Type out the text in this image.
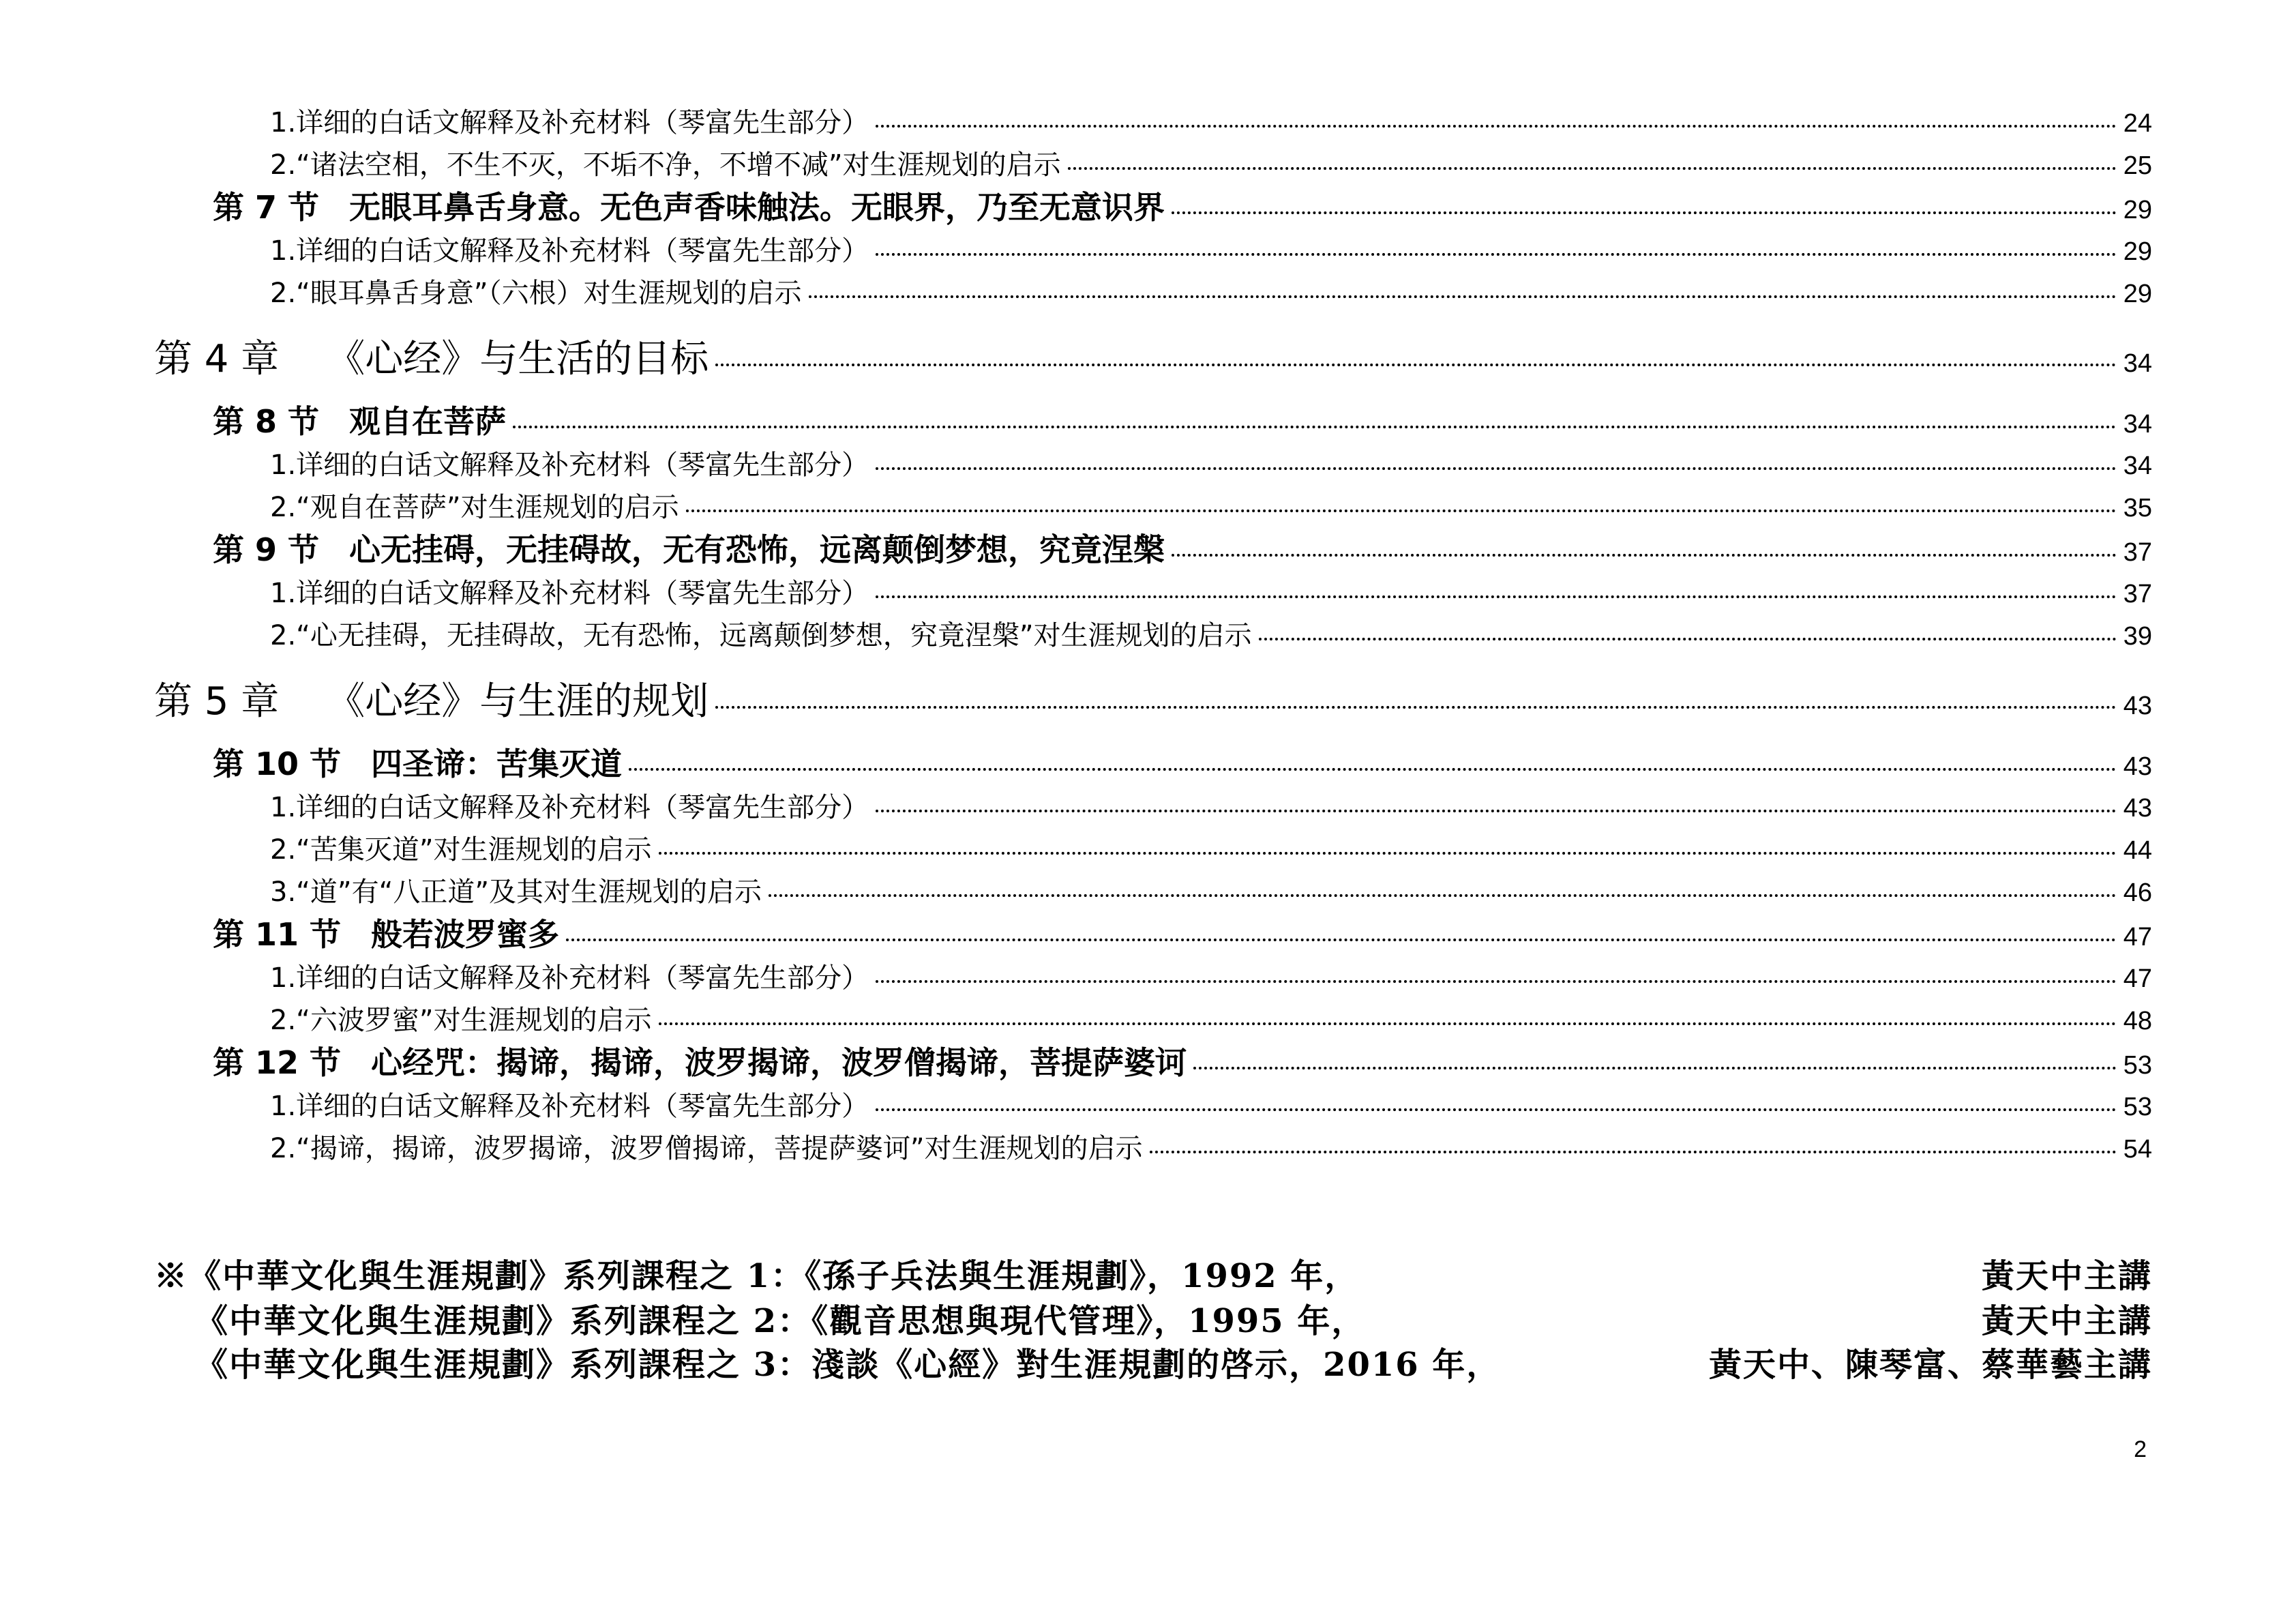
1.详细的白话文解释及补充材料（琴富先生部分）	24
2.“诸法空相，不生不灭，不垢不净，不增不减”对生涯规划的启示	25
第 7 节 无眼耳鼻舌身意。无色声香味触法。无眼界，乃至无意识界	29
1.详细的白话文解释及补充材料（琴富先生部分）	29
2.“眼耳鼻舌身意”（六根）对生涯规划的启示	29
第 4 章 《心经》与生活的目标	34
第 8 节 观自在菩萨	34
1.详细的白话文解释及补充材料（琴富先生部分）	34
2.“观自在菩萨”对生涯规划的启示	35
第 9 节 心无挂碍，无挂碍故，无有恐怖，远离颠倒梦想，究竟涅槃	37
1.详细的白话文解释及补充材料（琴富先生部分）	37
2.“心无挂碍，无挂碍故，无有恐怖，远离颠倒梦想，究竟涅槃”对生涯规划的启示	39
第 5 章 《心经》与生涯的规划	43
第 10 节 四圣谛：苦集灭道	43
1.详细的白话文解释及补充材料（琴富先生部分）	43
2.“苦集灭道”对生涯规划的启示	44
3.“道”有“八正道”及其对生涯规划的启示	46
第 11 节 般若波罗蜜多	47
1.详细的白话文解释及补充材料（琴富先生部分）	47
2.“六波罗蜜”对生涯规划的启示	48
第 12 节 心经咒：揭谛，揭谛，波罗揭谛，波罗僧揭谛，菩提萨婆诃	53
1.详细的白话文解释及补充材料（琴富先生部分）	53
2.“揭谛，揭谛，波罗揭谛，波罗僧揭谛，菩提萨婆诃”对生涯规划的启示	54
※《中華文化與生涯規劃》系列課程之 1：《孫子兵法與生涯規劃》，1992 年，	黃天中主講
《中華文化與生涯規劃》系列課程之 2：《觀音思想與現代管理》，1995 年，	黃天中主講
《中華文化與生涯規劃》系列課程之 3：淺談《心經》對生涯規劃的啓示，2016 年，	黃天中、陳琴富、蔡華藝主講
2
